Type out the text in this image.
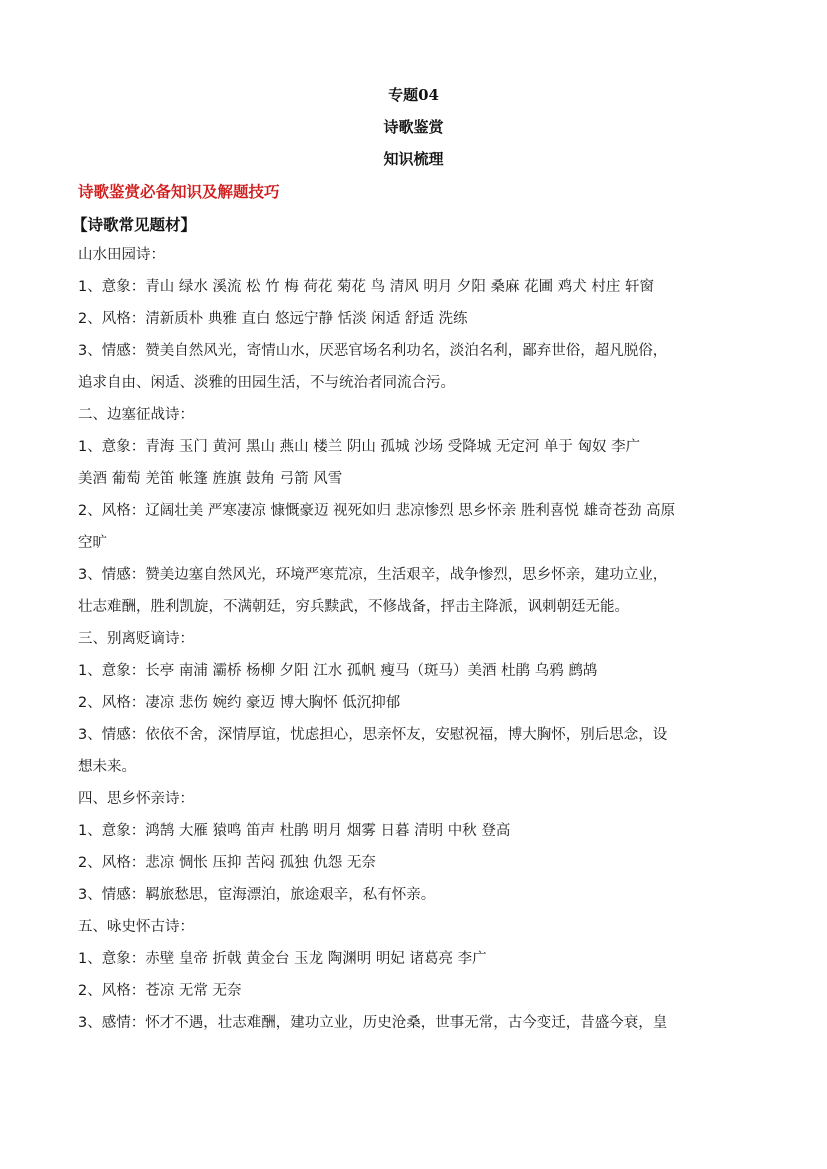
专题04
诗歌鉴赏
知识梳理
诗歌鉴赏必备知识及解题技巧
【诗歌常见题材】
山水田园诗：
1、意象：青山 绿水 溪流 松 竹 梅 荷花 菊花 鸟 清风 明月 夕阳 桑麻 花圃 鸡犬 村庄 轩窗
2、风格：清新质朴 典雅 直白 悠远宁静 恬淡 闲适 舒适 洗练
3、情感：赞美自然风光，寄情山水，厌恶官场名利功名，淡泊名利，鄙弃世俗，超凡脱俗，
追求自由、闲适、淡雅的田园生活，不与统治者同流合污。
二、边塞征战诗：
1、意象：青海 玉门 黄河 黑山 燕山 楼兰 阴山 孤城 沙场 受降城 无定河 单于 匈奴 李广
美酒 葡萄 羌笛 帐篷 旌旗 鼓角 弓箭 风雪
2、风格：辽阔壮美 严寒凄凉 慷慨豪迈 视死如归 悲凉惨烈 思乡怀亲 胜利喜悦 雄奇苍劲 高原
空旷
3、情感：赞美边塞自然风光，环境严寒荒凉，生活艰辛，战争惨烈，思乡怀亲，建功立业，
壮志难酬，胜利凯旋，不满朝廷，穷兵黩武，不修战备，抨击主降派，讽刺朝廷无能。
三、别离贬谪诗：
1、意象：长亭 南浦 灞桥 杨柳 夕阳 江水 孤帆 瘦马（斑马）美酒 杜鹃 乌鸦 鹧鸪
2、风格：凄凉 悲伤 婉约 豪迈 博大胸怀 低沉抑郁
3、情感：依依不舍，深情厚谊，忧虑担心，思亲怀友，安慰祝福，博大胸怀，别后思念，设
想未来。
四、思乡怀亲诗：
1、意象：鸿鹄 大雁 猿鸣 笛声 杜鹃 明月 烟雾 日暮 清明 中秋 登高
2、风格：悲凉 惆怅 压抑 苦闷 孤独 仇怨 无奈
3、情感：羁旅愁思，宦海漂泊，旅途艰辛，私有怀亲。
五、咏史怀古诗：
1、意象：赤壁 皇帝 折戟 黄金台 玉龙 陶渊明 明妃 诸葛亮 李广
2、风格：苍凉 无常 无奈
3、感情：怀才不遇，壮志难酬，建功立业，历史沧桑，世事无常，古今变迁，昔盛今衰，皇
